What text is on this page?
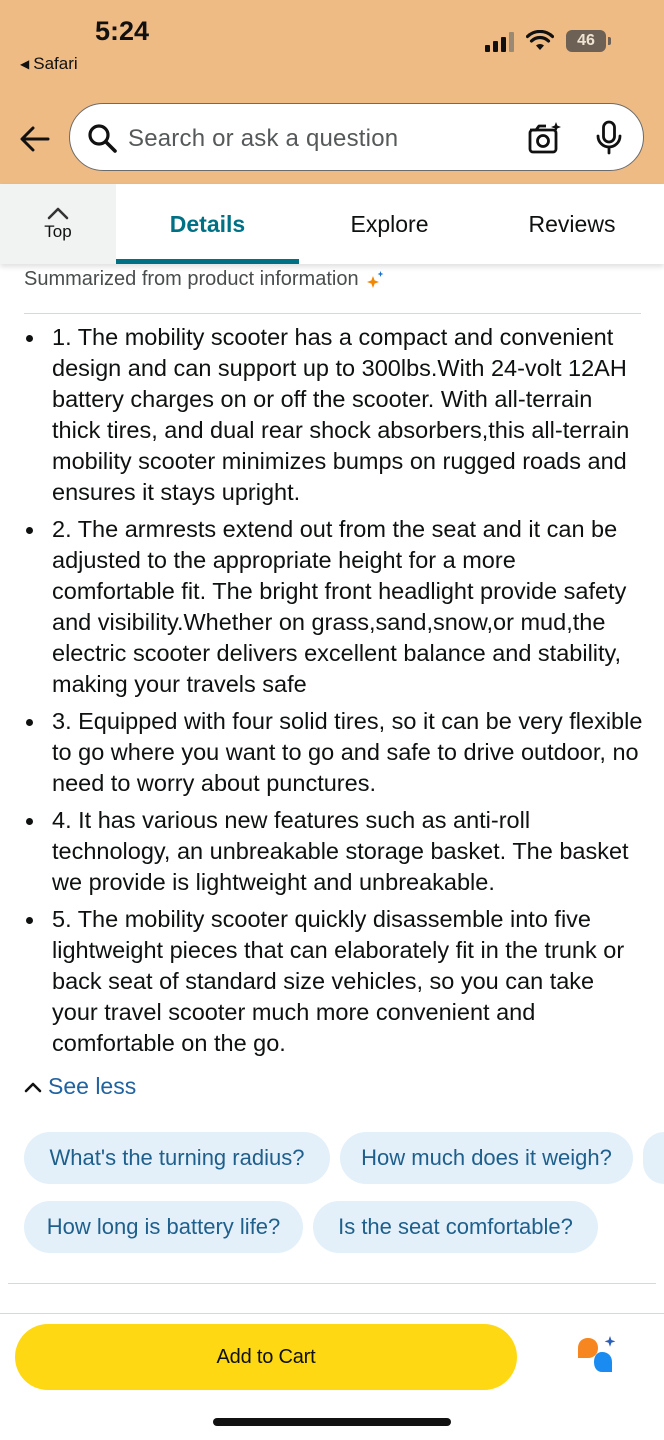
5:24
◀ Safari
46
Search or ask a question
Top	Details	Explore	Reviews
Summarized from product information
1. The mobility scooter has a compact and convenient design and can support up to 300lbs.With 24-volt 12AH battery charges on or off the scooter. With all-terrain thick tires, and dual rear shock absorbers,this all-terrain mobility scooter minimizes bumps on rugged roads and ensures it stays upright.
2. The armrests extend out from the seat and it can be adjusted to the appropriate height for a more comfortable fit. The bright front headlight provide safety and visibility.Whether on grass,sand,snow,or mud,the electric scooter delivers excellent balance and stability, making your travels safe
3. Equipped with four solid tires, so it can be very flexible to go where you want to go and safe to drive outdoor, no need to worry about punctures.
4. It has various new features such as anti-roll technology, an unbreakable storage basket. The basket we provide is lightweight and unbreakable.
5. The mobility scooter quickly disassemble into five lightweight pieces that can elaborately fit in the trunk or back seat of standard size vehicles, so you can take your travel scooter much more convenient and comfortable on the go.
See less
What's the turning radius?	How much does it weigh?
How long is battery life?	Is the seat comfortable?
Add to Cart
